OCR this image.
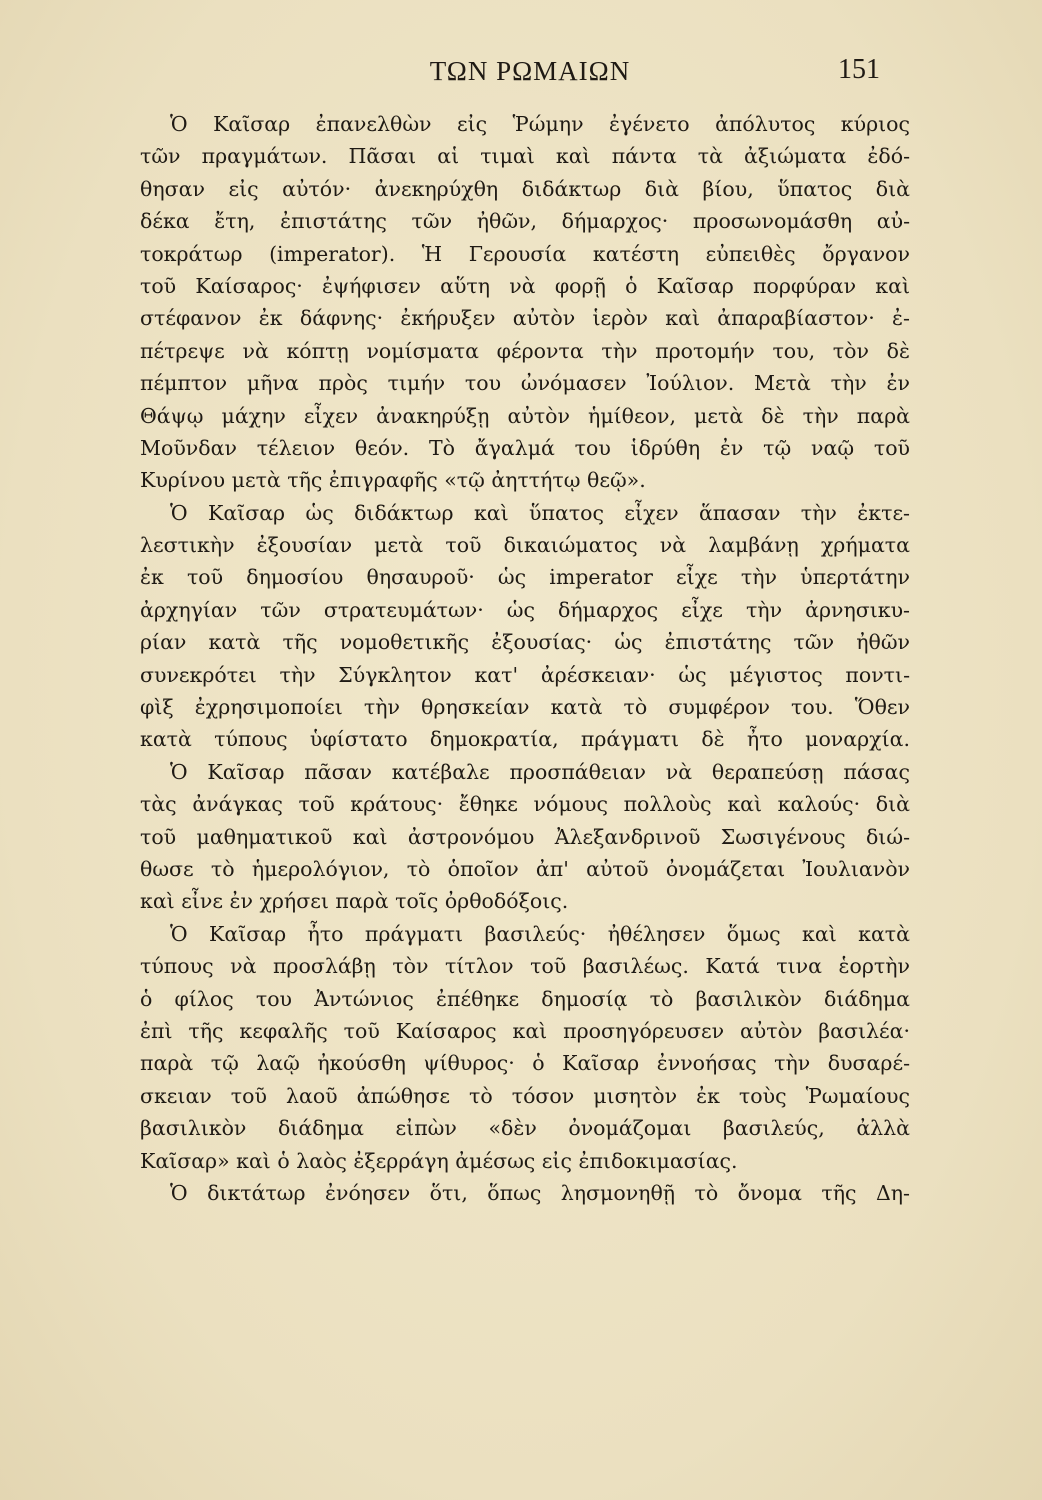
ΤΩΝ ΡΩΜΑΙΩΝ	151
Ὁ Καῖσαρ ἐπανελθὼν εἰς Ῥώμην ἐγένετο ἀπόλυτος κύριος
τῶν πραγμάτων. Πᾶσαι αἱ τιμαὶ καὶ πάντα τὰ ἀξιώματα ἐδό-
θησαν εἰς αὐτόν· ἀνεκηρύχθη διδάκτωρ διὰ βίου, ὕπατος διὰ
δέκα ἔτη, ἐπιστάτης τῶν ἠθῶν, δήμαρχος· προσωνομάσθη αὐ-
τοκράτωρ (imperator). Ἡ Γερουσία κατέστη εὐπειθὲς ὄργανον
τοῦ Καίσαρος· ἐψήφισεν αὕτη νὰ φορῇ ὁ Καῖσαρ πορφύραν καὶ
στέφανον ἐκ δάφνης· ἐκήρυξεν αὐτὸν ἱερὸν καὶ ἀπαραβίαστον· ἐ-
πέτρεψε νὰ κόπτῃ νομίσματα φέροντα τὴν προτομήν του, τὸν δὲ
πέμπτον μῆνα πρὸς τιμήν του ὠνόμασεν Ἰούλιον. Μετὰ τὴν ἐν
Θάψῳ μάχην εἶχεν ἀνακηρύξῃ αὐτὸν ἡμίθεον, μετὰ δὲ τὴν παρὰ
Μοῦνδαν τέλειον θεόν. Τὸ ἄγαλμά του ἱδρύθη ἐν τῷ ναῷ τοῦ
Κυρίνου μετὰ τῆς ἐπιγραφῆς «τῷ ἀηττήτῳ θεῷ».
Ὁ Καῖσαρ ὡς διδάκτωρ καὶ ὕπατος εἶχεν ἅπασαν τὴν ἐκτε-
λεστικὴν ἐξουσίαν μετὰ τοῦ δικαιώματος νὰ λαμβάνῃ χρήματα
ἐκ τοῦ δημοσίου θησαυροῦ· ὡς imperator εἶχε τὴν ὑπερτάτην
ἀρχηγίαν τῶν στρατευμάτων· ὡς δήμαρχος εἶχε τὴν ἀρνησικυ-
ρίαν κατὰ τῆς νομοθετικῆς ἐξουσίας· ὡς ἐπιστάτης τῶν ἠθῶν
συνεκρότει τὴν Σύγκλητον κατ' ἀρέσκειαν· ὡς μέγιστος ποντι-
φὶξ ἐχρησιμοποίει τὴν θρησκείαν κατὰ τὸ συμφέρον του. Ὅθεν
κατὰ τύπους ὑφίστατο δημοκρατία, πράγματι δὲ ἦτο μοναρχία.
Ὁ Καῖσαρ πᾶσαν κατέβαλε προσπάθειαν νὰ θεραπεύσῃ πάσας
τὰς ἀνάγκας τοῦ κράτους· ἔθηκε νόμους πολλοὺς καὶ καλούς· διὰ
τοῦ μαθηματικοῦ καὶ ἀστρονόμου Ἀλεξανδρινοῦ Σωσιγένους διώ-
θωσε τὸ ἡμερολόγιον, τὸ ὁποῖον ἀπ' αὐτοῦ ὀνομάζεται Ἰουλιανὸν
καὶ εἶνε ἐν χρήσει παρὰ τοῖς ὀρθοδόξοις.
Ὁ Καῖσαρ ἦτο πράγματι βασιλεύς· ἠθέλησεν ὅμως καὶ κατὰ
τύπους νὰ προσλάβῃ τὸν τίτλον τοῦ βασιλέως. Κατά τινα ἑορτὴν
ὁ φίλος του Ἀντώνιος ἐπέθηκε δημοσίᾳ τὸ βασιλικὸν διάδημα
ἐπὶ τῆς κεφαλῆς τοῦ Καίσαρος καὶ προσηγόρευσεν αὐτὸν βασιλέα·
παρὰ τῷ λαῷ ἠκούσθη ψίθυρος· ὁ Καῖσαρ ἐννοήσας τὴν δυσαρέ-
σκειαν τοῦ λαοῦ ἀπώθησε τὸ τόσον μισητὸν ἐκ τοὺς Ῥωμαίους
βασιλικὸν διάδημα εἰπὼν «δὲν ὀνομάζομαι βασιλεύς, ἀλλὰ
Καῖσαρ» καὶ ὁ λαὸς ἐξερράγη ἀμέσως εἰς ἐπιδοκιμασίας.
Ὁ δικτάτωρ ἐνόησεν ὅτι, ὅπως λησμονηθῇ τὸ ὄνομα τῆς Δη-
